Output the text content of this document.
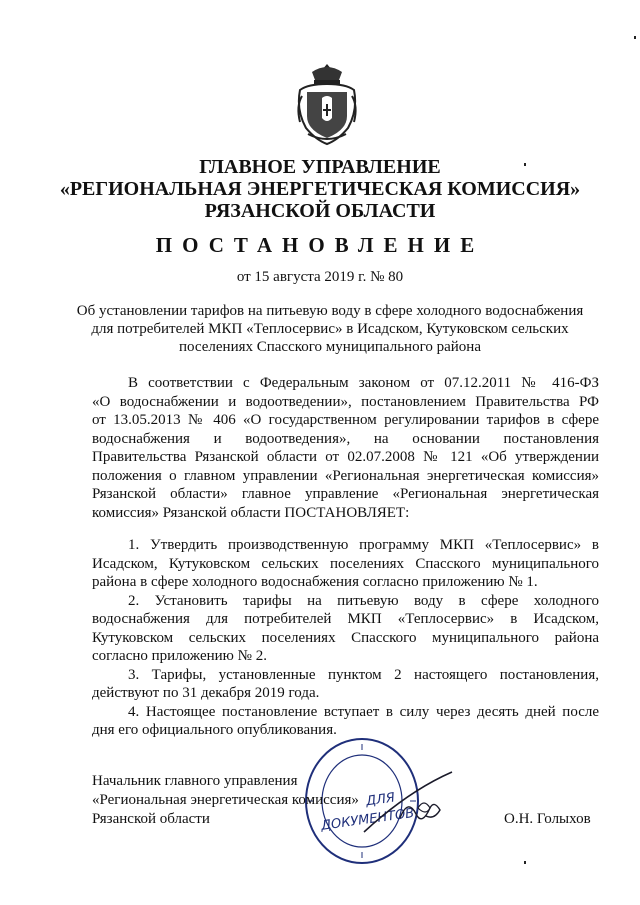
ГЛАВНОЕ УПРАВЛЕНИЕ
«РЕГИОНАЛЬНАЯ ЭНЕРГЕТИЧЕСКАЯ КОМИССИЯ»
РЯЗАНСКОЙ ОБЛАСТИ
ПОСТАНОВЛЕНИЕ
от 15 августа 2019 г. № 80
Об установлении тарифов на питьевую воду в сфере холодного водоснабжения
для потребителей МКП «Теплосервис» в Исадском, Кутуковском сельских
поселениях Спасского муниципального района
В соответствии с Федеральным законом от 07.12.2011 № 416-ФЗ
«О водоснабжении и водоотведении», постановлением Правительства РФ
от 13.05.2013 № 406 «О государственном регулировании тарифов в сфере
водоснабжения и водоотведения», на основании постановления
Правительства Рязанской области от 02.07.2008 № 121 «Об утверждении
положения о главном управлении «Региональная энергетическая комиссия»
Рязанской области» главное управление «Региональная энергетическая
комиссия» Рязанской области ПОСТАНОВЛЯЕТ:
1. Утвердить производственную программу МКП «Теплосервис» в
Исадском, Кутуковском сельских поселениях Спасского муниципального
района в сфере холодного водоснабжения согласно приложению № 1.
2. Установить тарифы на питьевую воду в сфере холодного
водоснабжения для потребителей МКП «Теплосервис» в Исадском,
Кутуковском сельских поселениях Спасского муниципального района
согласно приложению № 2.
3. Тарифы, установленные пунктом 2 настоящего постановления,
действуют по 31 декабря 2019 года.
4. Настоящее постановление вступает в силу через десять дней после
дня его официального опубликования.
ДЛЯ
ДОКУМЕНТОВ
Начальник главного управления
«Региональная энергетическая комиссия»
Рязанской области	О.Н. Голыхов
